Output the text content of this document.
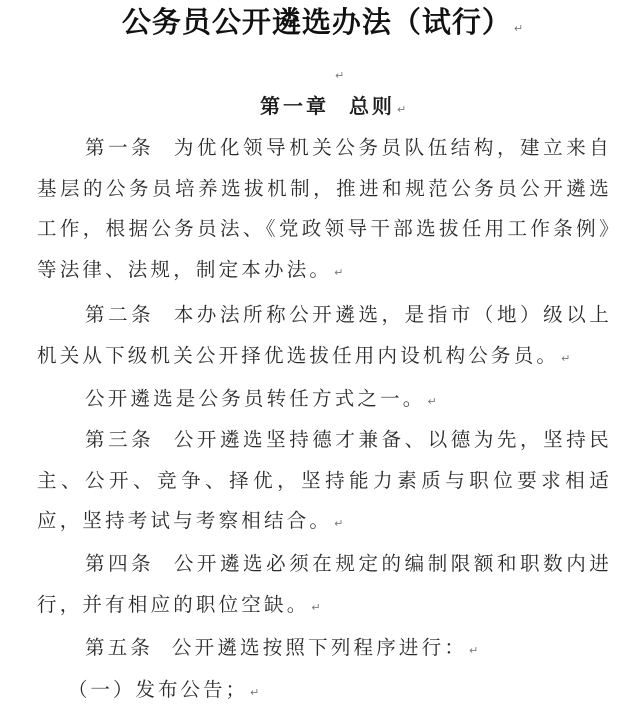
公务员公开遴选办法（试行） ↵
↵
第一章 总则 ↵
第一条 为优化领导机关公务员队伍结构，建立来自基层的公务员培养选拔机制，推进和规范公务员公开遴选工作，根据公务员法、《党政领导干部选拔任用工作条例》等法律、法规，制定本办法。 ↵
第二条 本办法所称公开遴选，是指市（地）级以上机关从下级机关公开择优选拔任用内设机构公务员。 ↵
公开遴选是公务员转任方式之一。 ↵
第三条 公开遴选坚持德才兼备、以德为先，坚持民主、公开、竞争、择优，坚持能力素质与职位要求相适应，坚持考试与考察相结合。 ↵
第四条 公开遴选必须在规定的编制限额和职数内进行，并有相应的职位空缺。 ↵
第五条 公开遴选按照下列程序进行： ↵
（一）发布公告； ↵
